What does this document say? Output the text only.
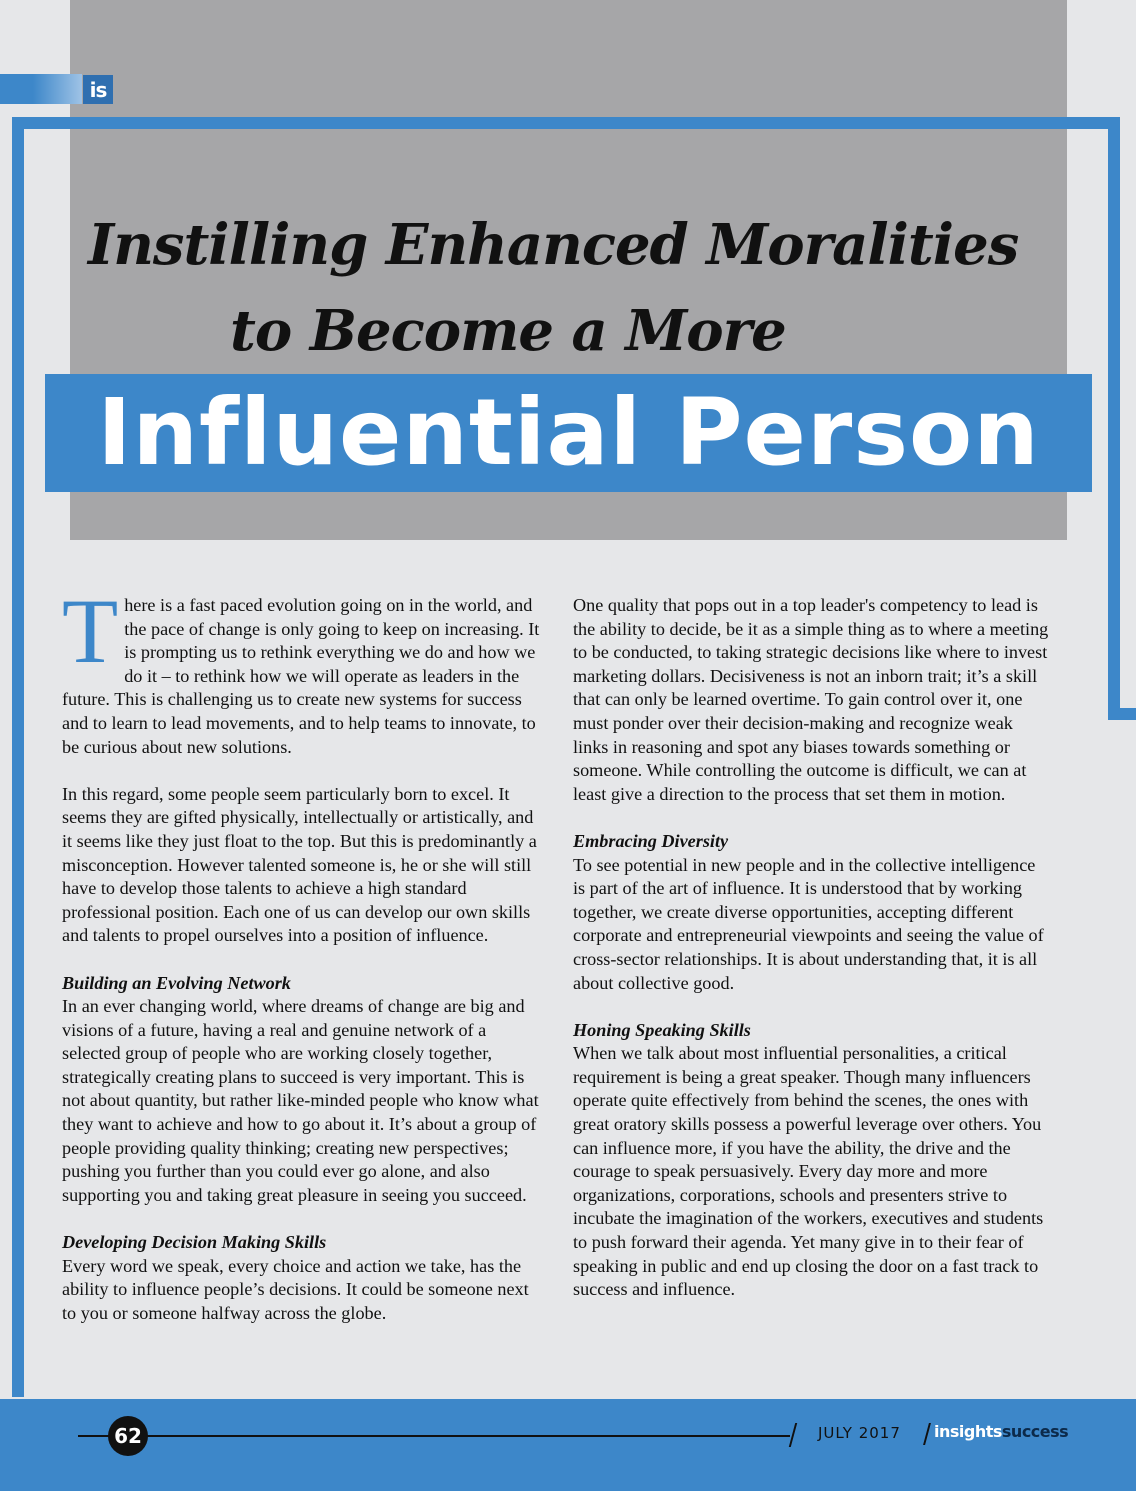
is
Instilling Enhanced Moralities
to Become a More
Influential Person

There is a fast paced evolution going on in the world, and the pace of change is only going to keep on increasing. It is prompting us to rethink everything we do and how we do it – to rethink how we will operate as leaders in the future. This is challenging us to create new systems for success and to learn to lead movements, and to help teams to innovate, to be curious about new solutions.

In this regard, some people seem particularly born to excel. It seems they are gifted physically, intellectually or artistically, and it seems like they just float to the top. But this is predominantly a misconception. However talented someone is, he or she will still have to develop those talents to achieve a high standard professional position. Each one of us can develop our own skills and talents to propel ourselves into a position of influence.

Building an Evolving Network

In an ever changing world, where dreams of change are big and visions of a future, having a real and genuine network of a selected group of people who are working closely together, strategically creating plans to succeed is very important. This is not about quantity, but rather like-minded people who know what they want to achieve and how to go about it. It’s about a group of people providing quality thinking; creating new perspectives; pushing you further than you could ever go alone, and also supporting you and taking great pleasure in seeing you succeed.

Developing Decision Making Skills

Every word we speak, every choice and action we take, has the ability to influence people’s decisions. It could be someone next to you or someone halfway across the globe.

One quality that pops out in a top leader's competency to lead is the ability to decide, be it as a simple thing as to where a meeting to be conducted, to taking strategic decisions like where to invest marketing dollars. Decisiveness is not an inborn trait; it’s a skill that can only be learned overtime. To gain control over it, one must ponder over their decision-making and recognize weak links in reasoning and spot any biases towards something or someone. While controlling the outcome is difficult, we can at least give a direction to the process that set them in motion.

Embracing Diversity

To see potential in new people and in the collective intelligence is part of the art of influence. It is understood that by working together, we create diverse opportunities, accepting different corporate and entrepreneurial viewpoints and seeing the value of cross-sector relationships. It is about understanding that, it is all about collective good.

Honing Speaking Skills

When we talk about most influential personalities, a critical requirement is being a great speaker. Though many influencers operate quite effectively from behind the scenes, the ones with great oratory skills possess a powerful leverage over others. You can influence more, if you have the ability, the drive and the courage to speak persuasively. Every day more and more organizations, corporations, schools and presenters strive to incubate the imagination of the workers, executives and students to push forward their agenda. Yet many give in to their fear of speaking in public and end up closing the door on a fast track to success and influence.

62	JULY 2017 insightssuccess
